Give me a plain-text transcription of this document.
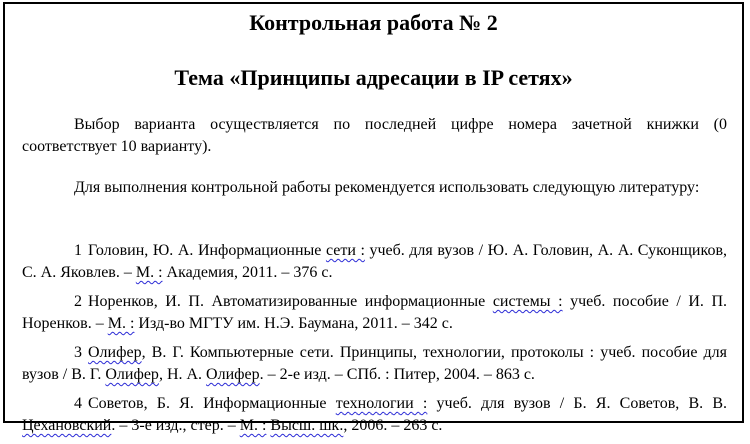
Контрольная работа № 2
Тема «Принципы адресации в IP сетях»

Выбор варианта осуществляется по последней цифре номера зачетной книжки (0 соответствует 10 варианту).

Для выполнения контрольной работы рекомендуется использовать следующую литературу:

1 Головин, Ю. А. Информационные сети : учеб. для вузов / Ю. А. Головин, А. А. Суконщиков, С. А. Яковлев. – М. : Академия, 2011. – 376 с.
2 Норенков, И. П. Автоматизированные информационные системы : учеб. пособие / И. П. Норенков. – М. : Изд-во МГТУ им. Н.Э. Баумана, 2011. – 342 с.
3 Олифер, В. Г. Компьютерные сети. Принципы, технологии, протоколы : учеб. пособие для вузов / В. Г. Олифер, Н. А. Олифер. – 2-е изд. – СПб. : Питер, 2004. – 863 с.
4 Советов, Б. Я. Информационные технологии : учеб. для вузов / Б. Я. Советов, В. В. Цехановский. – 3-е изд., стер. – М. : Высш. шк., 2006. – 263 с.
